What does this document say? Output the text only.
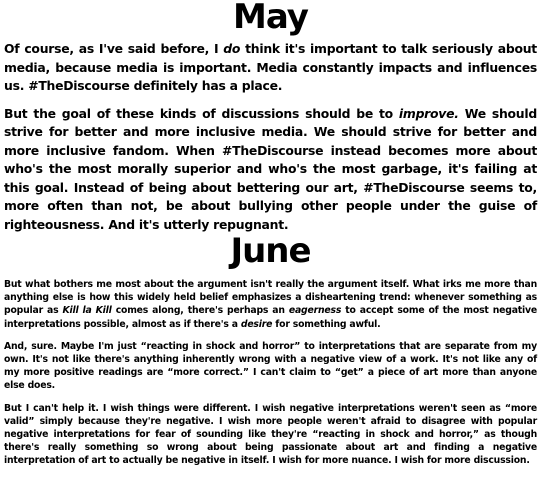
May

Of course, as I've said before, I do think it's important to talk seriously about media, because media is important. Media constantly impacts and influences us. #TheDiscourse definitely has a place.

But the goal of these kinds of discussions should be to improve. We should strive for better and more inclusive media. We should strive for better and more inclusive fandom. When #TheDiscourse instead becomes more about who's the most morally superior and who's the most garbage, it's failing at this goal. Instead of being about bettering our art, #TheDiscourse seems to, more often than not, be about bullying other people under the guise of righteousness. And it's utterly repugnant.

June

But what bothers me most about the argument isn't really the argument itself. What irks me more than anything else is how this widely held belief emphasizes a disheartening trend: whenever something as popular as Kill la Kill comes along, there's perhaps an eagerness to accept some of the most negative interpretations possible, almost as if there's a desire for something awful.

And, sure. Maybe I'm just “reacting in shock and horror” to interpretations that are separate from my own. It's not like there's anything inherently wrong with a negative view of a work. It's not like any of my more positive readings are “more correct.” I can't claim to “get” a piece of art more than anyone else does.

But I can't help it. I wish things were different. I wish negative interpretations weren't seen as “more valid” simply because they're negative. I wish more people weren't afraid to disagree with popular negative interpretations for fear of sounding like they're “reacting in shock and horror,” as though there's really something so wrong about being passionate about art and finding a negative interpretation of art to actually be negative in itself. I wish for more nuance. I wish for more discussion.
